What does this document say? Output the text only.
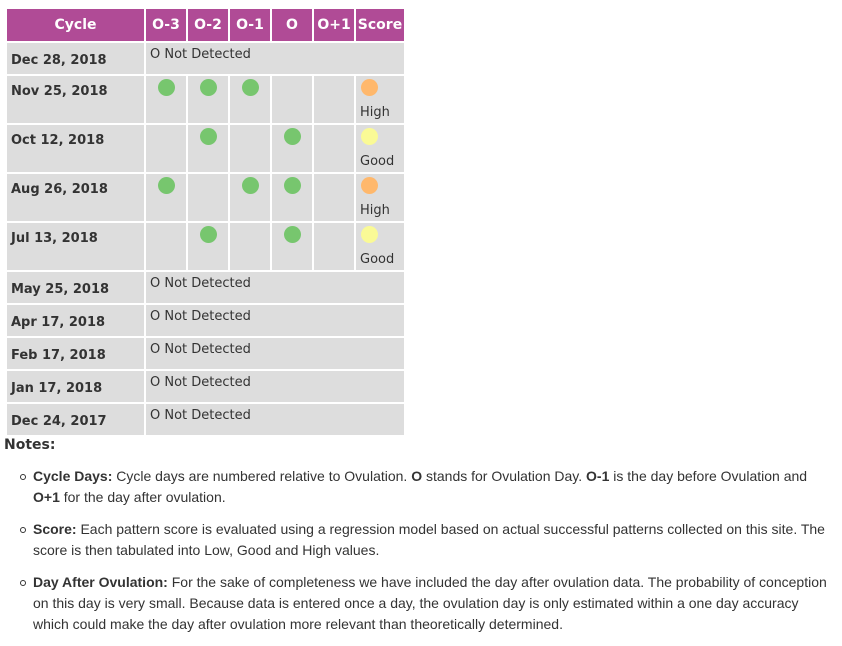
Cycle	O-3	O-2	O-1	O	O+1	Score
Dec 28, 2018	O Not Detected					
Nov 25, 2018						High

Oct 12, 2018						Good

Aug 26, 2018						High

Jul 13, 2018						Good

May 25, 2018	O Not Detected					
Apr 17, 2018	O Not Detected					
Feb 17, 2018	O Not Detected					
Jan 17, 2018	O Not Detected					
Dec 24, 2017	O Not Detected					
Notes:
Cycle Days: Cycle days are numbered relative to Ovulation. O stands for Ovulation Day. O-1 is the day before Ovulation and O+1 for the day after ovulation.
Score: Each pattern score is evaluated using a regression model based on actual successful patterns collected on this site. The score is then tabulated into Low, Good and High values.
Day After Ovulation: For the sake of completeness we have included the day after ovulation data. The probability of conception on this day is very small. Because data is entered once a day, the ovulation day is only estimated within a one day accuracy which could make the day after ovulation more relevant than theoretically determined.
